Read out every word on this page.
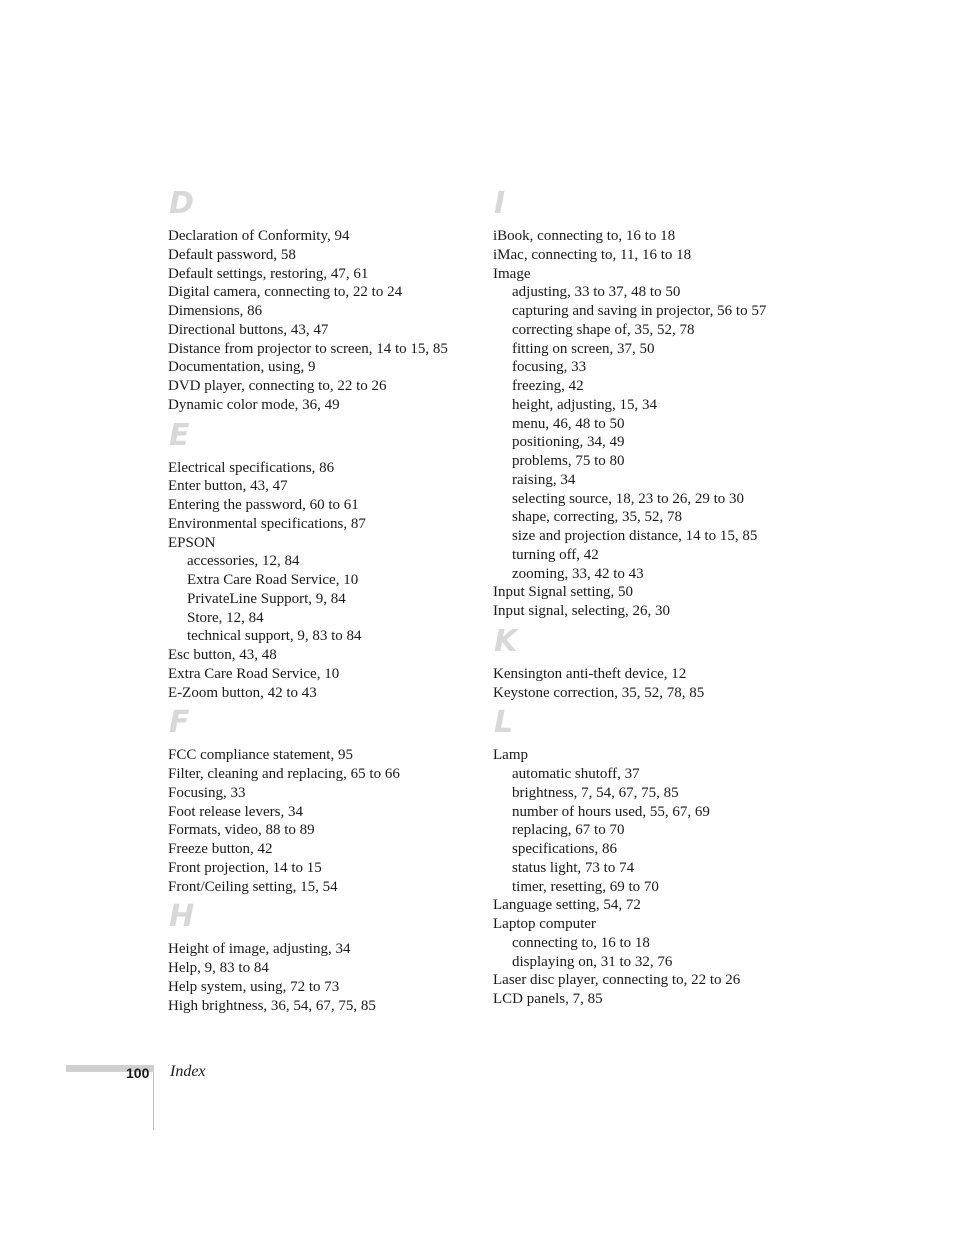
D
Declaration of Conformity, 94
Default password, 58
Default settings, restoring, 47, 61
Digital camera, connecting to, 22 to 24
Dimensions, 86
Directional buttons, 43, 47
Distance from projector to screen, 14 to 15, 85
Documentation, using, 9
DVD player, connecting to, 22 to 26
Dynamic color mode, 36, 49
E
Electrical specifications, 86
Enter button, 43, 47
Entering the password, 60 to 61
Environmental specifications, 87
EPSON
accessories, 12, 84
Extra Care Road Service, 10
PrivateLine Support, 9, 84
Store, 12, 84
technical support, 9, 83 to 84
Esc button, 43, 48
Extra Care Road Service, 10
E-Zoom button, 42 to 43
F
FCC compliance statement, 95
Filter, cleaning and replacing, 65 to 66
Focusing, 33
Foot release levers, 34
Formats, video, 88 to 89
Freeze button, 42
Front projection, 14 to 15
Front/Ceiling setting, 15, 54
H
Height of image, adjusting, 34
Help, 9, 83 to 84
Help system, using, 72 to 73
High brightness, 36, 54, 67, 75, 85
I
iBook, connecting to, 16 to 18
iMac, connecting to, 11, 16 to 18
Image
adjusting, 33 to 37, 48 to 50
capturing and saving in projector, 56 to 57
correcting shape of, 35, 52, 78
fitting on screen, 37, 50
focusing, 33
freezing, 42
height, adjusting, 15, 34
menu, 46, 48 to 50
positioning, 34, 49
problems, 75 to 80
raising, 34
selecting source, 18, 23 to 26, 29 to 30
shape, correcting, 35, 52, 78
size and projection distance, 14 to 15, 85
turning off, 42
zooming, 33, 42 to 43
Input Signal setting, 50
Input signal, selecting, 26, 30
K
Kensington anti-theft device, 12
Keystone correction, 35, 52, 78, 85
L
Lamp
automatic shutoff, 37
brightness, 7, 54, 67, 75, 85
number of hours used, 55, 67, 69
replacing, 67 to 70
specifications, 86
status light, 73 to 74
timer, resetting, 69 to 70
Language setting, 54, 72
Laptop computer
connecting to, 16 to 18
displaying on, 31 to 32, 76
Laser disc player, connecting to, 22 to 26
LCD panels, 7, 85
100 Index
